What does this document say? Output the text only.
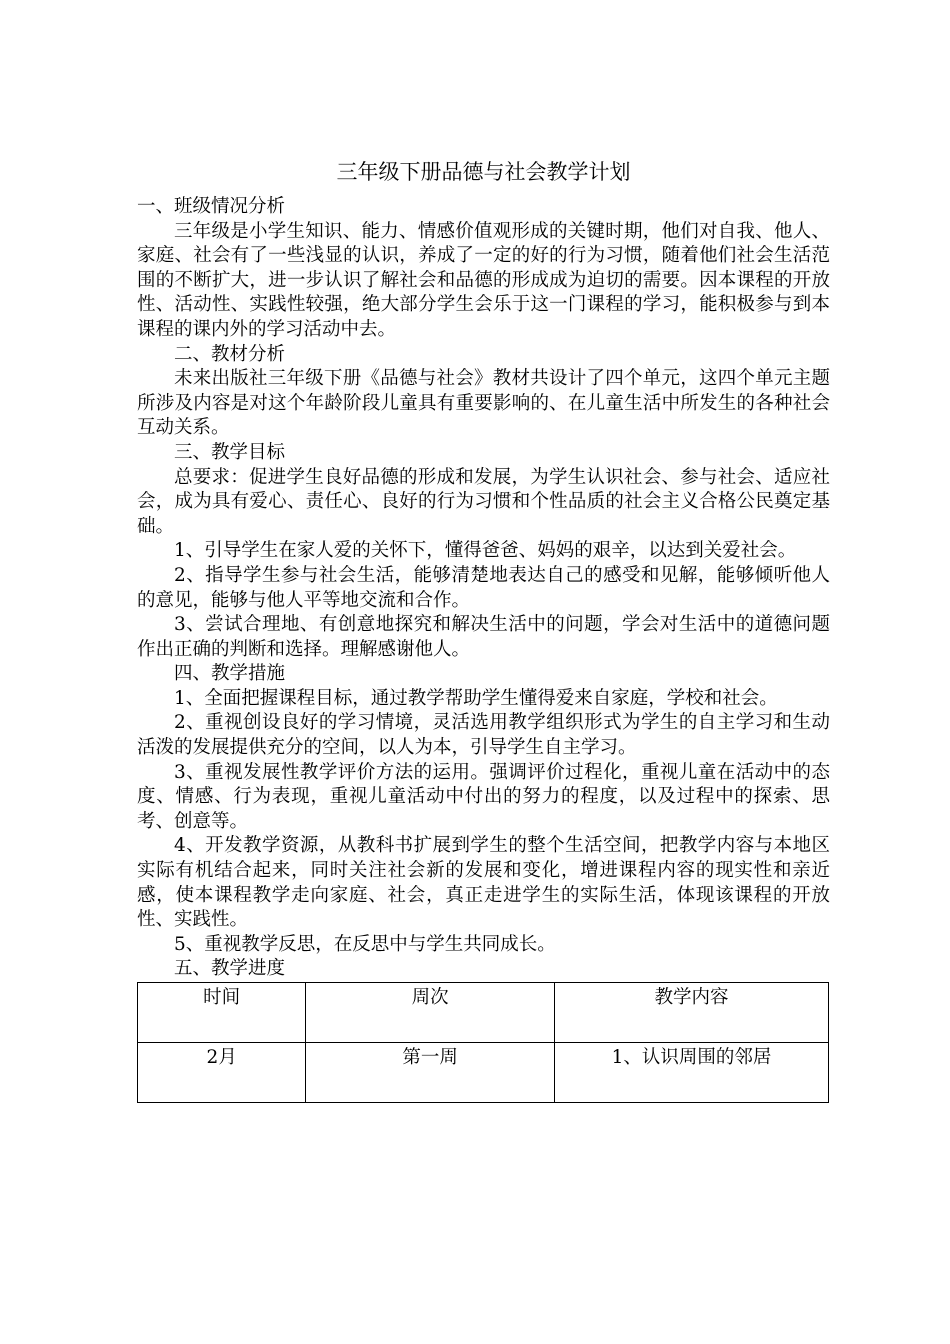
三年级下册品德与社会教学计划

一、班级情况分析

三年级是小学生知识、能力、情感价值观形成的关键时期，他们对自我、他人、家庭、社会有了一些浅显的认识，养成了一定的好的行为习惯，随着他们社会生活范围的不断扩大，进一步认识了解社会和品德的形成成为迫切的需要。因本课程的开放性、活动性、实践性较强，绝大部分学生会乐于这一门课程的学习，能积极参与到本课程的课内外的学习活动中去。

二、教材分析

未来出版社三年级下册《品德与社会》教材共设计了四个单元，这四个单元主题所涉及内容是对这个年龄阶段儿童具有重要影响的、在儿童生活中所发生的各种社会互动关系。

三、教学目标

总要求：促进学生良好品德的形成和发展，为学生认识社会、参与社会、适应社会，成为具有爱心、责任心、良好的行为习惯和个性品质的社会主义合格公民奠定基础。

1、引导学生在家人爱的关怀下，懂得爸爸、妈妈的艰辛，以达到关爱社会。

2、指导学生参与社会生活，能够清楚地表达自己的感受和见解，能够倾听他人的意见，能够与他人平等地交流和合作。

3、尝试合理地、有创意地探究和解决生活中的问题，学会对生活中的道德问题作出正确的判断和选择。理解感谢他人。

四、教学措施

1、全面把握课程目标，通过教学帮助学生懂得爱来自家庭，学校和社会。

2、重视创设良好的学习情境，灵活选用教学组织形式为学生的自主学习和生动活泼的发展提供充分的空间，以人为本，引导学生自主学习。

3、重视发展性教学评价方法的运用。强调评价过程化，重视儿童在活动中的态度、情感、行为表现，重视儿童活动中付出的努力的程度，以及过程中的探索、思考、创意等。

4、开发教学资源，从教科书扩展到学生的整个生活空间，把教学内容与本地区实际有机结合起来，同时关注社会新的发展和变化，增进课程内容的现实性和亲近感，使本课程教学走向家庭、社会，真正走进学生的实际生活，体现该课程的开放性、实践性。

5、重视教学反思，在反思中与学生共同成长。

五、教学进度

时间	周次	教学内容
2月	第一周	1、认识周围的邻居
